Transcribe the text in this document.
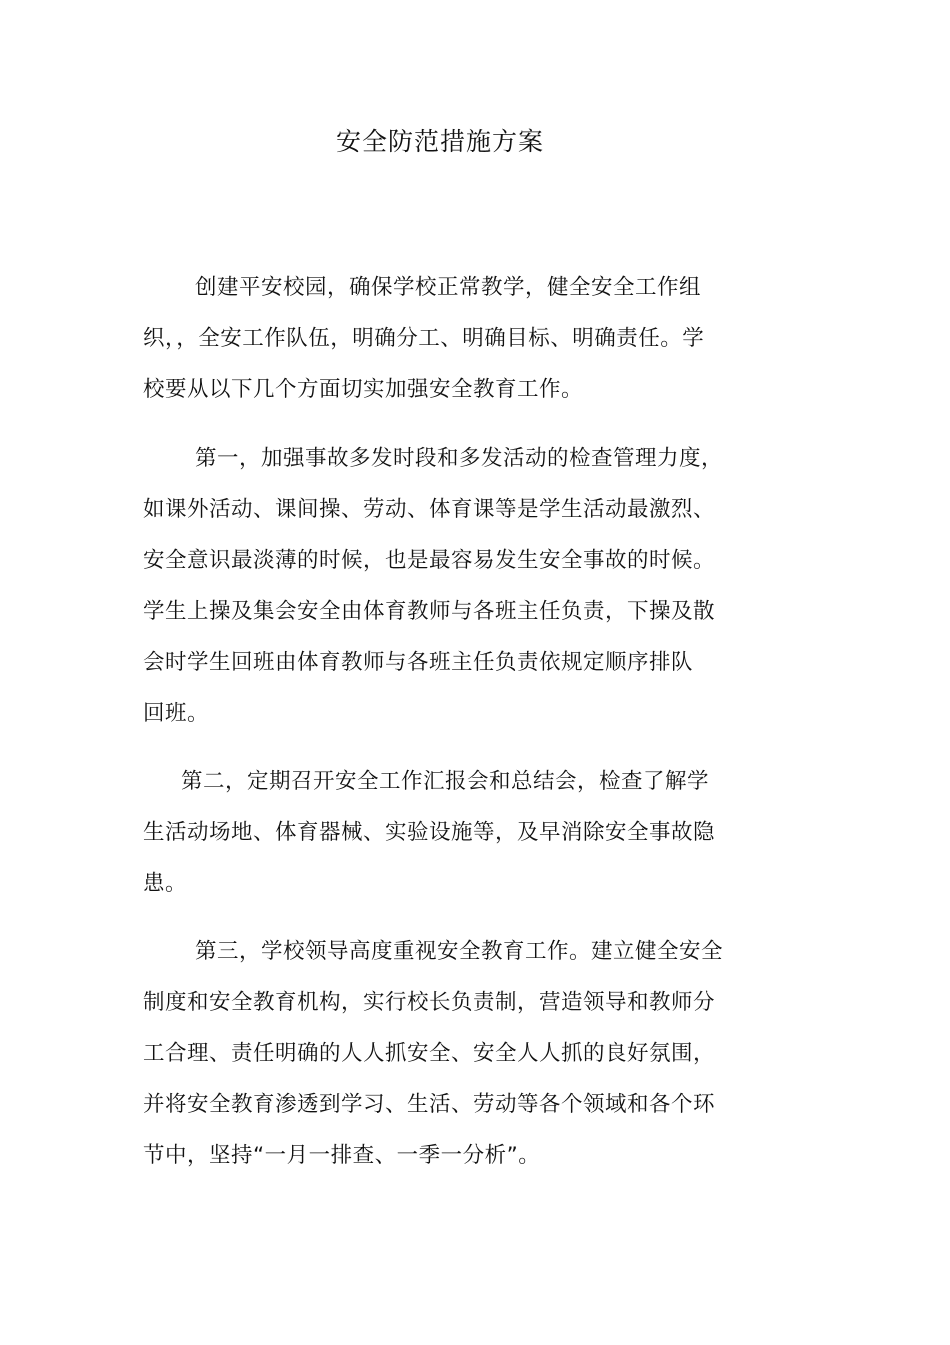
安全防范措施方案

创建平安校园，确保学校正常教学，健全安全工作组
织，，全安工作队伍，明确分工、明确目标、明确责任。学
校要从以下几个方面切实加强安全教育工作。

第一，加强事故多发时段和多发活动的检查管理力度，
如课外活动、课间操、劳动、体育课等是学生活动最激烈、
安全意识最淡薄的时候，也是最容易发生安全事故的时候。
学生上操及集会安全由体育教师与各班主任负责，下操及散
会时学生回班由体育教师与各班主任负责依规定顺序排队
回班。

第二，定期召开安全工作汇报会和总结会，检查了解学
生活动场地、体育器械、实验设施等，及早消除安全事故隐
患。

第三，学校领导高度重视安全教育工作。建立健全安全
制度和安全教育机构，实行校长负责制，营造领导和教师分
工合理、责任明确的人人抓安全、安全人人抓的良好氛围，
并将安全教育渗透到学习、生活、劳动等各个领域和各个环
节中，坚持“一月一排查、一季一分析”。
